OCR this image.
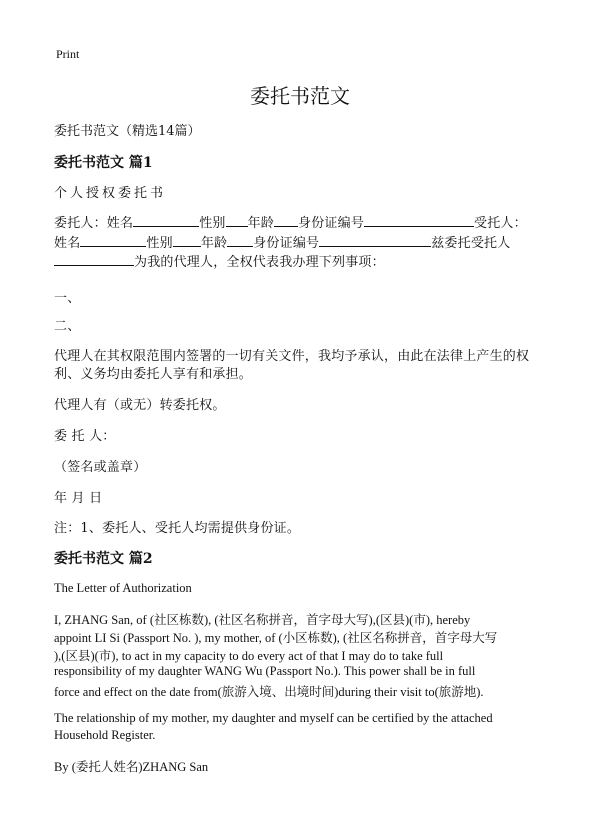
Print
委托书范文
委托书范文（精选14篇）
委托书范文 篇1
个人授权委托书
委托人：姓名	性别 年龄 身份证编号	受托人：
姓名	性别 年龄 身份证编号	兹委托受托人
为我的代理人，全权代表我办理下列事项：
一、
二、
代理人在其权限范围内签署的一切有关文件，我均予承认，由此在法律上产生的权
利、义务均由委托人享有和承担。
代理人有（或无）转委托权。
委 托 人：
（签名或盖章）
年 月 日
注：1、委托人、受托人均需提供身份证。
委托书范文 篇2
The Letter of Authorization
I, ZHANG San, of (社区栋数), (社区名称拼音，首字母大写),(区县)(市), hereby
appoint LI Si (Passport No. ), my mother, of (小区栋数), (社区名称拼音，首字母大写
),(区县)(市), to act in my capacity to do every act of that I may do to take full
responsibility of my daughter WANG Wu (Passport No.). This power shall be in full
force and effect on the date from(旅游入境、出境时间)during their visit to(旅游地).
The relationship of my mother, my daughter and myself can be certified by the attached
Household Register.
By (委托人姓名)ZHANG San
